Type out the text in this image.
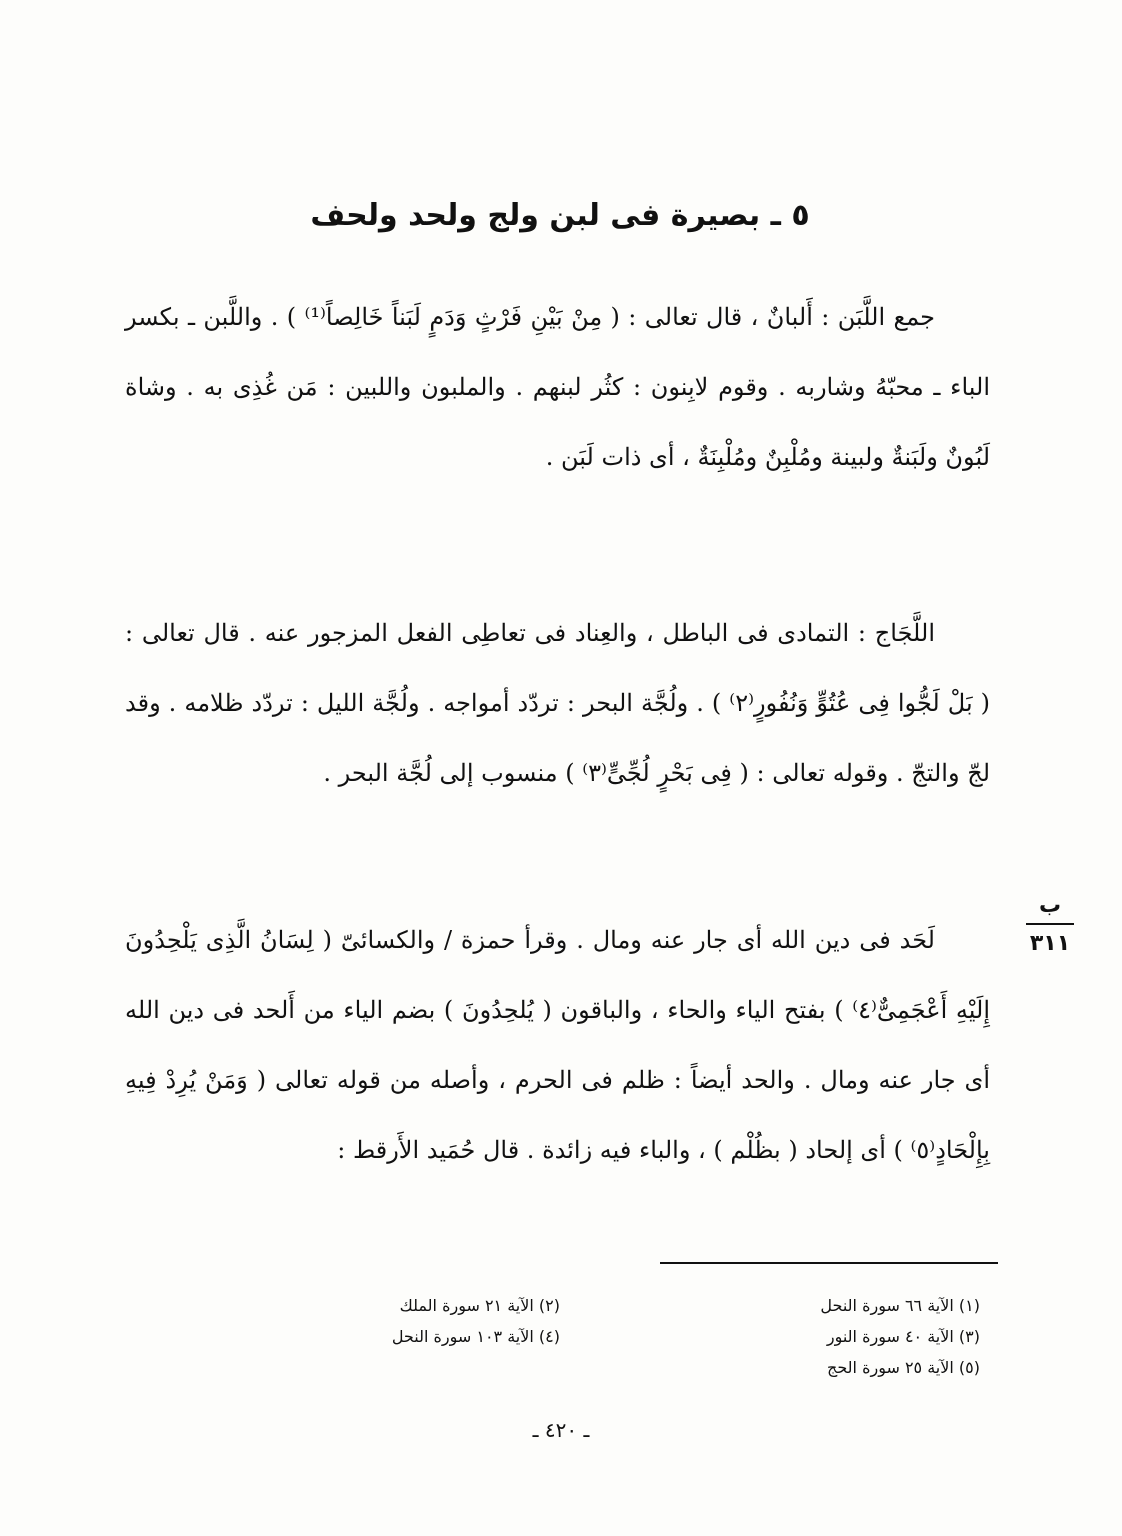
٥ ـ بصيرة فى لبن ولج ولحد ولحف

جمع اللَّبَن : أَلبانٌ ، قال تعالى : ( مِنْ بَيْنِ فَرْثٍ وَدَمٍ لَبَناً خَالِصاً⁽¹⁾ ) . واللَّبن ـ بكسر الباء ـ محبّهُ وشاربه . وقوم لابِنون : كثُر لبنهم . والملبون واللبين : مَن غُذِى به . وشاة لَبُونٌ ولَبَنةٌ ولبينة ومُلْبِنٌ ومُلْبِنَةٌ ، أى ذات لَبَن .

اللَّجَاج : التمادى فى الباطل ، والعِناد فى تعاطِى الفعل المزجور عنه . قال تعالى : ( بَلْ لَجُّوا فِى عُتُوٍّ وَنُفُورٍ⁽٢⁾ ) . ولُجَّة البحر : تردّد أمواجه . ولُجَّة الليل : تردّد ظلامه . وقد لجّ والتجّ . وقوله تعالى : ( فِى بَحْرٍ لُجِّىٍّ⁽٣⁾ ) منسوب إلى لُجَّة البحر .

لَحَد فى دين الله أى جار عنه ومال . وقرأ حمزة / والكسائىّ ( لِسَانُ الَّذِى يَلْحِدُونَ إِلَيْهِ أَعْجَمِىٌّ⁽٤⁾ ) بفتح الياء والحاء ، والباقون ( يُلحِدُونَ ) بضم الياء من أَلحد فى دين الله أى جار عنه ومال . والحد أيضاً : ظلم فى الحرم ، وأصله من قوله تعالى ( وَمَنْ يُرِدْ فِيهِ بِإِلْحَادٍ⁽٥⁾ ) أى إلحاد ( بظُلْم ) ، والباء فيه زائدة . قال حُمَيد الأَرقط :

ب
٣١١
(١) الآية ٦٦ سورة النحل
(٣) الآية ٤٠ سورة النور
(٥) الآية ٢٥ سورة الحج
(٢) الآية ٢١ سورة الملك
(٤) الآية ١٠٣ سورة النحل
ـ ٤٢٠ ـ
